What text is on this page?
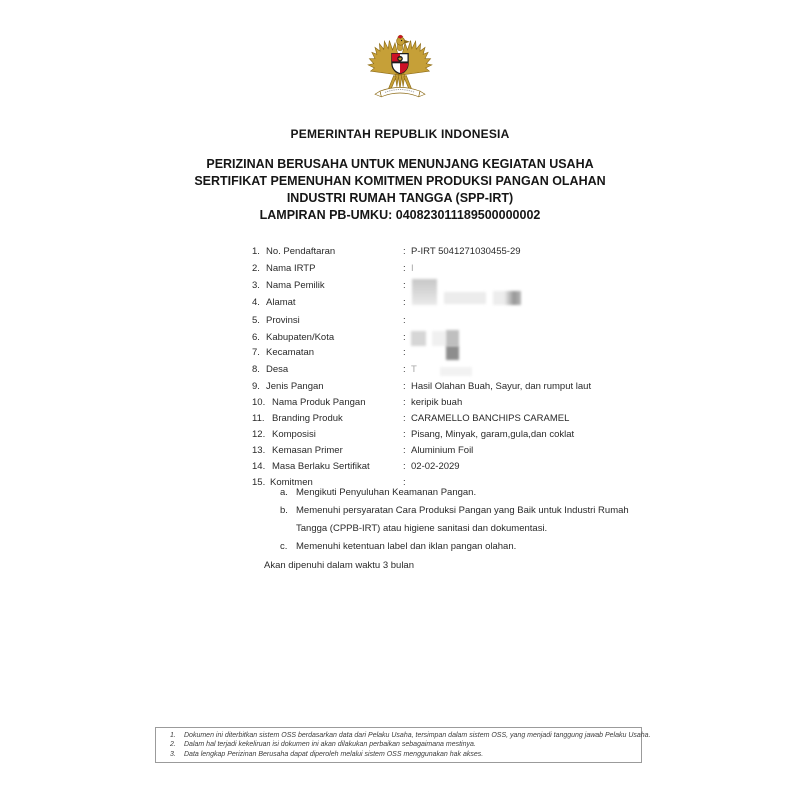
PEMERINTAH REPUBLIK INDONESIA
PERIZINAN BERUSAHA UNTUK MENUNJANG KEGIATAN USAHA
SERTIFIKAT PEMENUHAN KOMITMEN PRODUKSI PANGAN OLAHAN
INDUSTRI RUMAH TANGGA (SPP-IRT)
LAMPIRAN PB-UMKU: 040823011189500000002
1. No. Pendaftaran :	P-IRT 5041271030455-29
2. Nama IRTP :	I
3. Nama Pemilik
:
4. Alamat
:
5. Provinsi
:
6. Kabupaten/Kota
:
7. Kecamatan
:
8. Desa :	T
9. Jenis Pangan :	Hasil Olahan Buah, Sayur, dan rumput laut
10. Nama Produk Pangan :	keripik buah
11. Branding Produk :	CARAMELLO BANCHIPS CARAMEL
12. Komposisi :	Pisang, Minyak, garam,gula,dan coklat
13. Kemasan Primer :	Aluminium Foil
14. Masa Berlaku Sertifikat :	02-02-2029
15. Komitmen
:
a. Mengikuti Penyuluhan Keamanan Pangan.
b. Memenuhi persyaratan Cara Produksi Pangan yang Baik untuk Industri Rumah Tangga (CPPB-IRT) atau higiene sanitasi dan dokumentasi.
c. Memenuhi ketentuan label dan iklan pangan olahan.
Akan dipenuhi dalam waktu 3 bulan
1.	Dokumen ini diterbitkan sistem OSS berdasarkan data dari Pelaku Usaha, tersimpan dalam sistem OSS, yang menjadi tanggung jawab Pelaku Usaha.
2.	Dalam hal terjadi kekeliruan isi dokumen ini akan dilakukan perbaikan sebagaimana mestinya.
3.	Data lengkap Perizinan Berusaha dapat diperoleh melalui sistem OSS menggunakan hak akses.
